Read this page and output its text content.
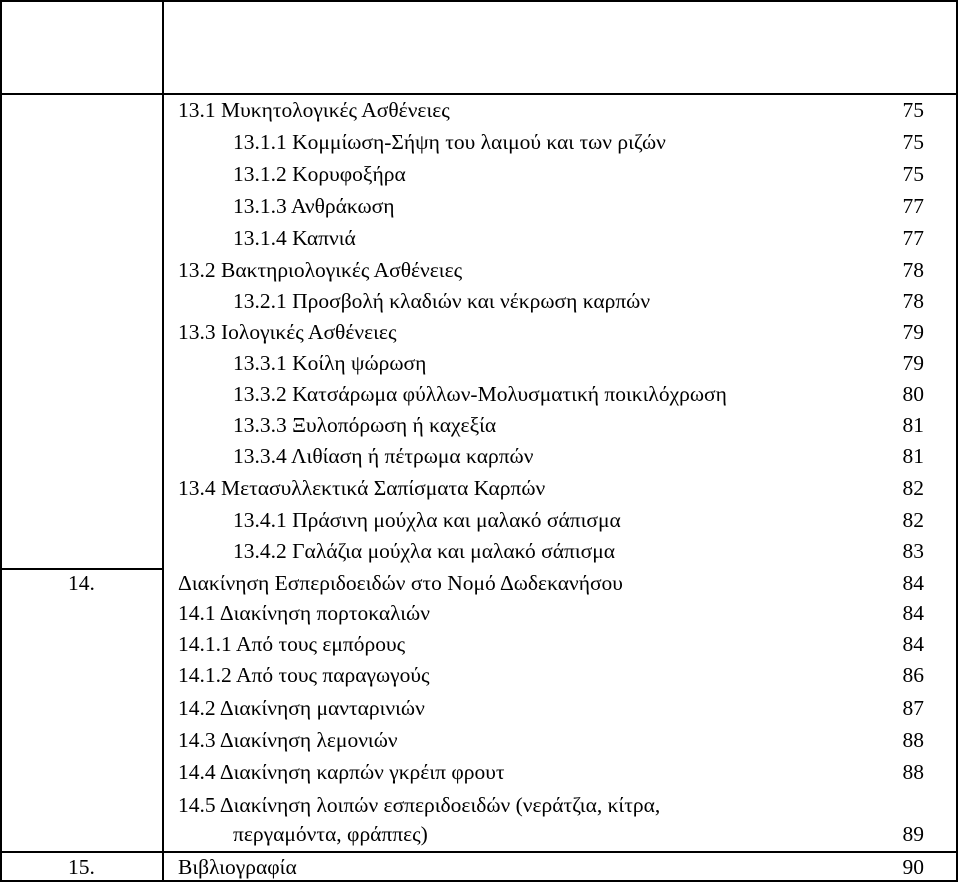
13.1 Μυκητολογικές Ασθένειες	75
13.1.1 Κομμίωση-Σήψη του λαιμού και των ριζών	75
13.1.2 Κορυφοξήρα	75
13.1.3 Ανθράκωση	77
13.1.4 Καπνιά	77
13.2 Βακτηριολογικές Ασθένειες	78
13.2.1 Προσβολή κλαδιών και νέκρωση καρπών	78
13.3 Ιολογικές Ασθένειες	79
13.3.1 Κοίλη ψώρωση	79
13.3.2 Κατσάρωμα φύλλων-Μολυσματική ποικιλόχρωση	80
13.3.3 Ξυλοπόρωση ή καχεξία	81
13.3.4 Λιθίαση ή πέτρωμα καρπών	81
13.4 Μετασυλλεκτικά Σαπίσματα Καρπών	82
13.4.1 Πράσινη μούχλα και μαλακό σάπισμα	82
13.4.2 Γαλάζια μούχλα και μαλακό σάπισμα	83
14.	Διακίνηση Εσπεριδοειδών στο Νομό Δωδεκανήσου	84
14.1 Διακίνηση πορτοκαλιών	84
14.1.1 Από τους εμπόρους	84
14.1.2 Από τους παραγωγούς	86
14.2 Διακίνηση μανταρινιών	87
14.3 Διακίνηση λεμονιών	88
14.4 Διακίνηση καρπών γκρέιπ φρουτ	88
14.5 Διακίνηση λοιπών εσπεριδοειδών (νεράτζια, κίτρα,
περγαμόντα, φράππες)	89
15.	Βιβλιογραφία	90
